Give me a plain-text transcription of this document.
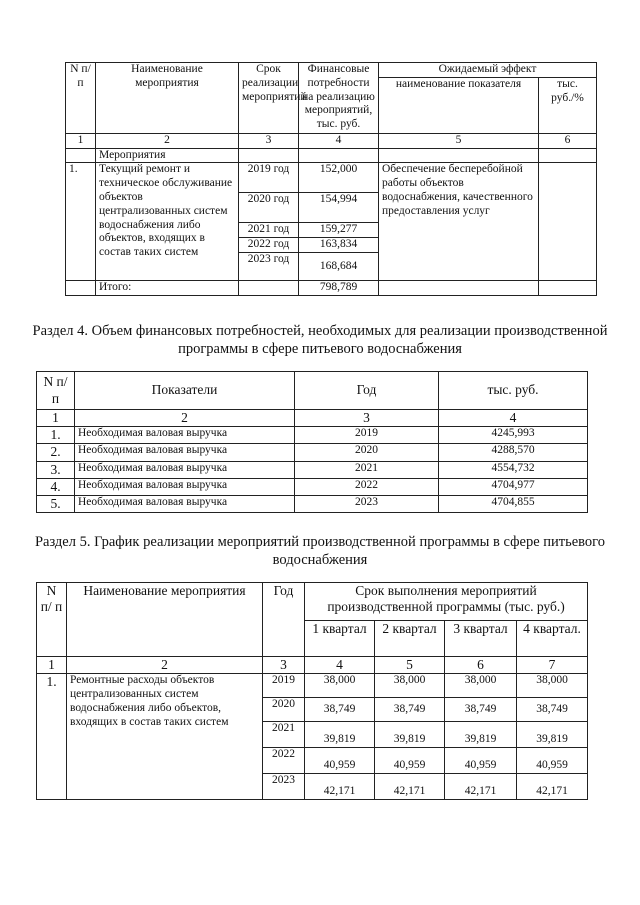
N п/п	Наименование мероприятия	Срок реализации мероприятий	Финансовые потребности на реализацию мероприятий, тыс. руб.	Ожидаемый эффект	
				наименование показателя	тыс. руб./%
1	2	3	4	5	6
	Мероприятия				
1.	Текущий ремонт и техническое обслуживание объектов централизованных систем водоснабжения либо объектов, входящих в состав таких систем	2019 год	152,000	Обеспечение бесперебойной работы объектов водоснабжения, качественного предоставления услуг	
		2020 год	154,994		
		2021 год	159,277		
		2022 год	163,834		
		2023 год	168,684		
	Итого:		798,789		
Раздел 4. Объем финансовых потребностей, необходимых для реализации производственной программы в сфере питьевого водоснабжения
N п/п	Показатели	Год	тыс. руб.
1	2	3	4
1.	Необходимая валовая выручка	2019	4245,993
2.	Необходимая валовая выручка	2020	4288,570
3.	Необходимая валовая выручка	2021	4554,732
4.	Необходимая валовая выручка	2022	4704,977
5.	Необходимая валовая выручка	2023	4704,855
Раздел 5. График реализации мероприятий производственной программы в сфере питьевого водоснабжения
N п/ п	Наименование мероприятия	Год	Срок выполнения мероприятий производственной программы (тыс. руб.)			
			1 квартал	2 квартал	3 квартал	4 квартал.
1	2	3	4	5	6	7
1.	Ремонтные расходы объектов централизованных систем водоснабжения либо объектов, входящих в состав таких систем	2019	38,000	38,000	38,000	38,000
		2020	38,749	38,749	38,749	38,749
		2021	39,819	39,819	39,819	39,819
		2022	40,959	40,959	40,959	40,959
		2023	42,171	42,171	42,171	42,171
